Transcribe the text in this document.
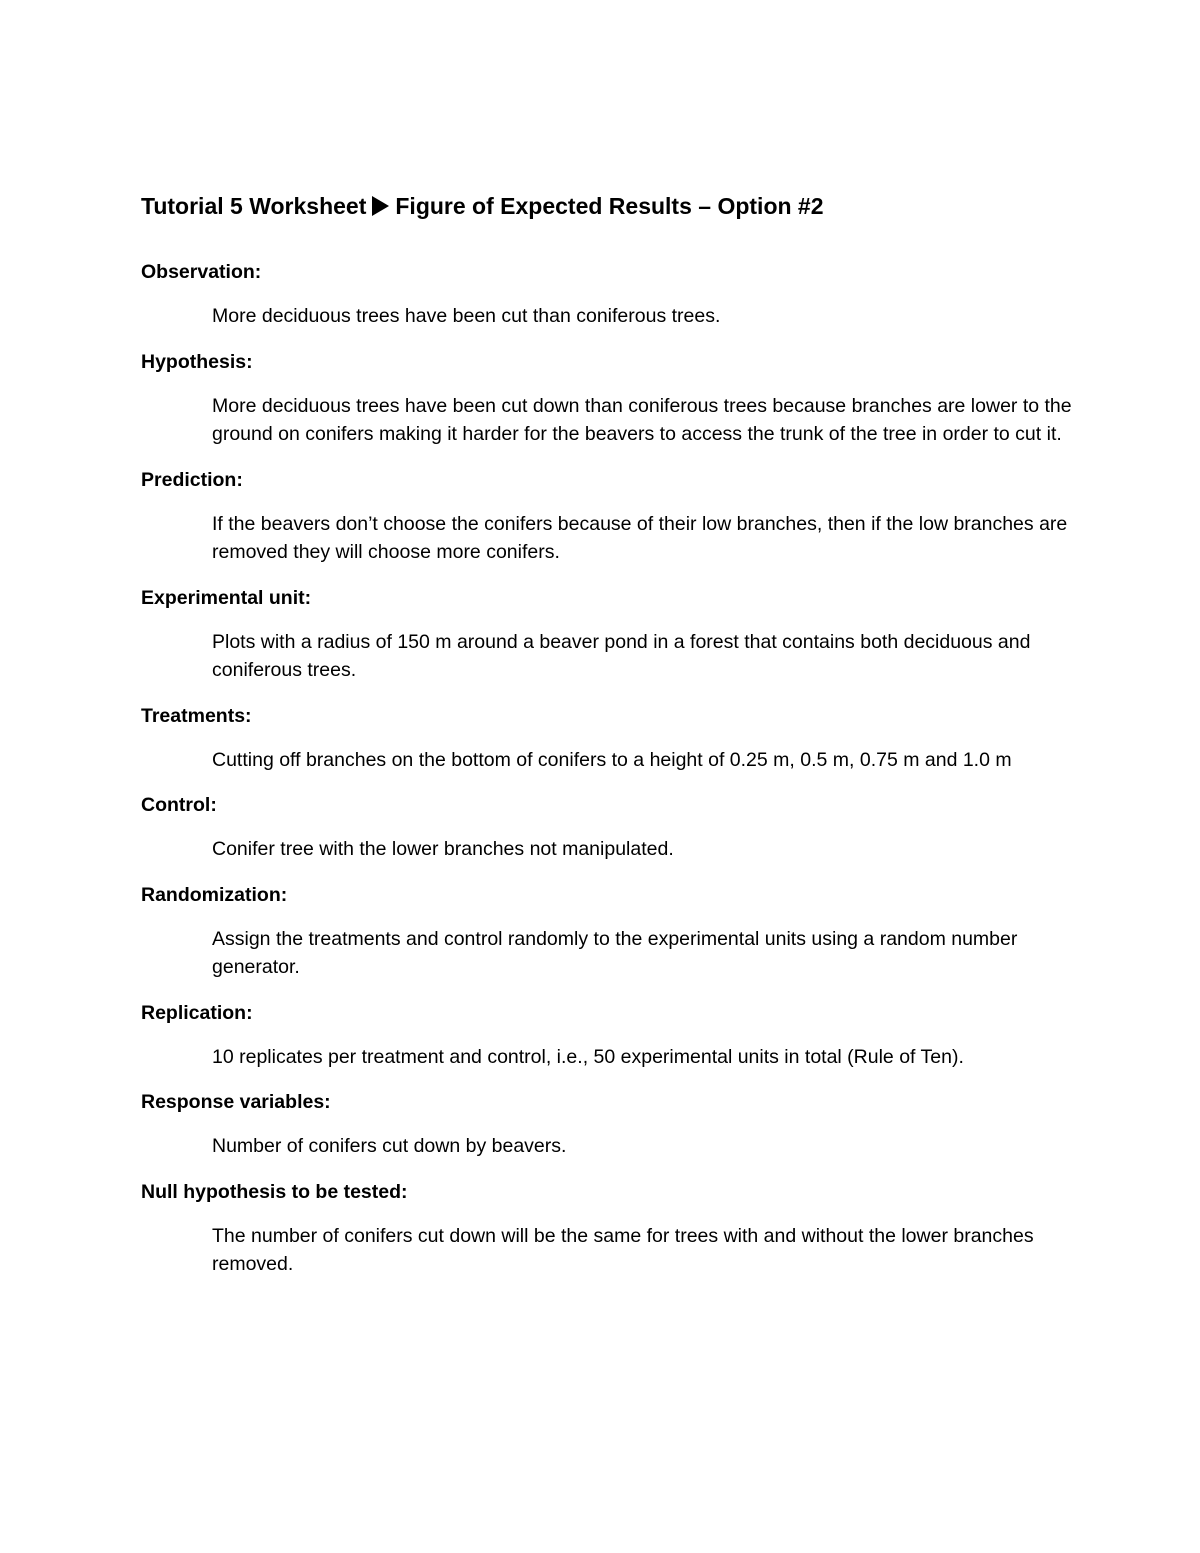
Tutorial 5 Worksheet Figure of Expected Results – Option #2
Observation:
More deciduous trees have been cut than coniferous trees.
Hypothesis:
More deciduous trees have been cut down than coniferous trees because branches are lower to the ground on conifers making it harder for the beavers to access the trunk of the tree in order to cut it.
Prediction:
If the beavers don’t choose the conifers because of their low branches, then if the low branches are removed they will choose more conifers.
Experimental unit:
Plots with a radius of 150 m around a beaver pond in a forest that contains both deciduous and coniferous trees.
Treatments:
Cutting off branches on the bottom of conifers to a height of 0.25 m, 0.5 m, 0.75 m and 1.0 m
Control:
Conifer tree with the lower branches not manipulated.
Randomization:
Assign the treatments and control randomly to the experimental units using a random number generator.
Replication:
10 replicates per treatment and control, i.e., 50 experimental units in total (Rule of Ten).
Response variables:
Number of conifers cut down by beavers.
Null hypothesis to be tested:
The number of conifers cut down will be the same for trees with and without the lower branches removed.
